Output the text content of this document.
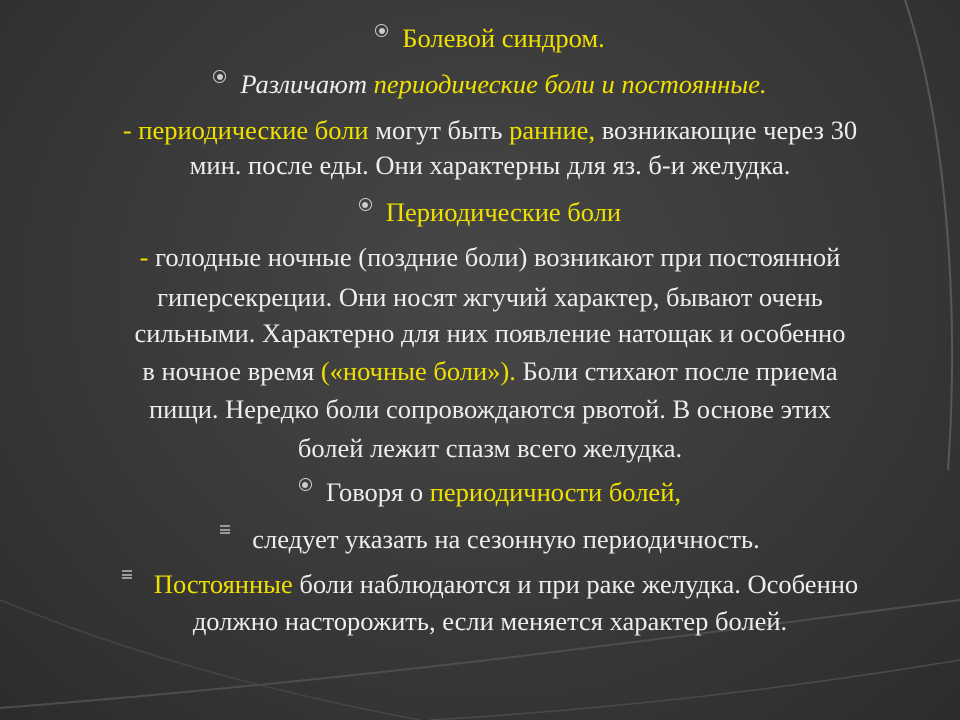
Болевой синдром.
Различают периодические боли и постоянные.
- периодические боли могут быть ранние, возникающие через 30
мин. после еды. Они характерны для яз. б-и желудка.
Периодические боли
- голодные ночные (поздние боли) возникают при постоянной
гиперсекреции. Они носят жгучий характер, бывают очень
сильными. Характерно для них появление натощак и особенно
в ночное время («ночные боли»). Боли стихают после приема
пищи. Нередко боли сопровождаются рвотой. В основе этих
болей лежит спазм всего желудка.
Говоря о периодичности болей,
следует указать на сезонную периодичность.
Постоянные боли наблюдаются и при раке желудка. Особенно
должно насторожить, если меняется характер болей.
